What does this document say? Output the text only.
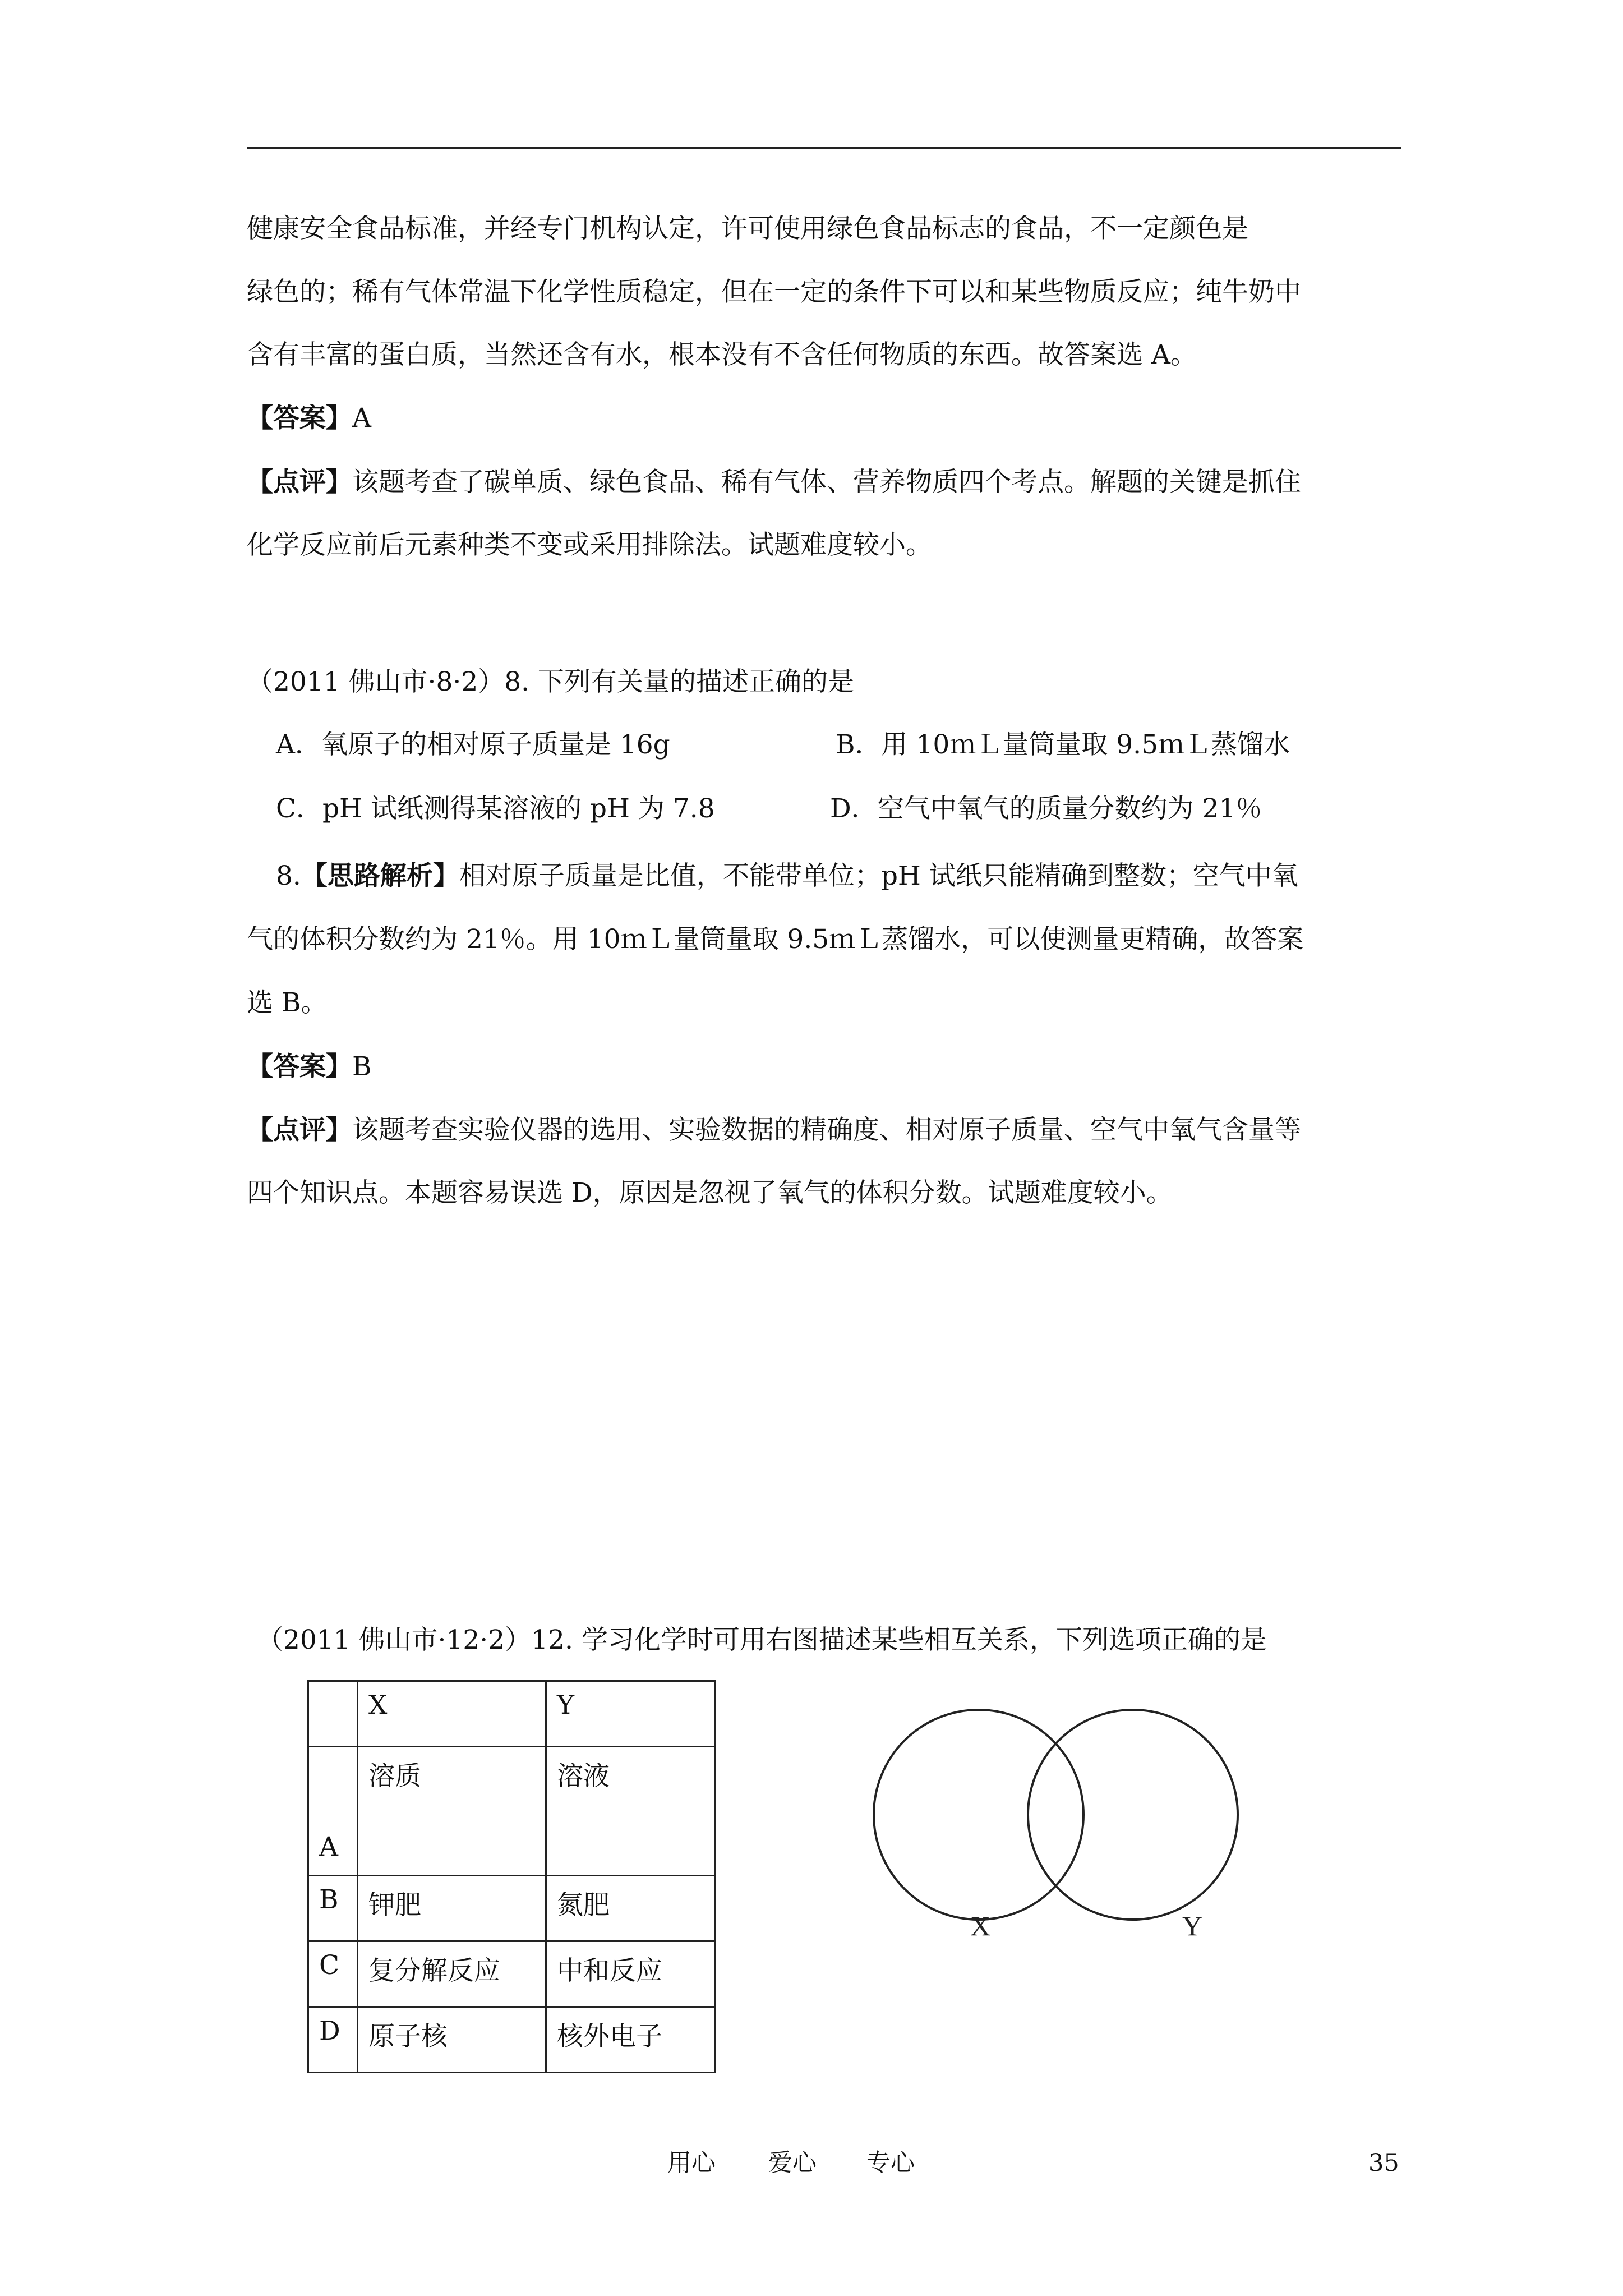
健康安全食品标准，并经专门机构认定，许可使用绿色食品标志的食品，不一定颜色是
绿色的；稀有气体常温下化学性质稳定，但在一定的条件下可以和某些物质反应；纯牛奶中
含有丰富的蛋白质，当然还含有水，根本没有不含任何物质的东西。故答案选 A。
【答案】A
【点评】该题考查了碳单质、绿色食品、稀有气体、营养物质四个考点。解题的关键是抓住
化学反应前后元素种类不变或采用排除法。试题难度较小。
（2011 佛山市·8·2）8. 下列有关量的描述正确的是
A．氧原子的相对原子质量是 16g	B．用 10ｍＬ量筒量取 9.5ｍＬ蒸馏水
C．pH 试纸测得某溶液的 pH 为 7.8	D．空气中氧气的质量分数约为 21％
8.【思路解析】相对原子质量是比值，不能带单位；pH 试纸只能精确到整数；空气中氧
气的体积分数约为 21％。用 10ｍＬ量筒量取 9.5ｍＬ蒸馏水，可以使测量更精确，故答案
选 B。
【答案】B
【点评】该题考查实验仪器的选用、实验数据的精确度、相对原子质量、空气中氧气含量等
四个知识点。本题容易误选 D，原因是忽视了氧气的体积分数。试题难度较小。
（2011 佛山市·12·2）12. 学习化学时可用右图描述某些相互关系，下列选项正确的是
	X	Y
A	溶质	溶液
B	钾肥	氮肥
C	复分解反应	中和反应
D	原子核	核外电子
X	Y
用心 爱心 专心	35
